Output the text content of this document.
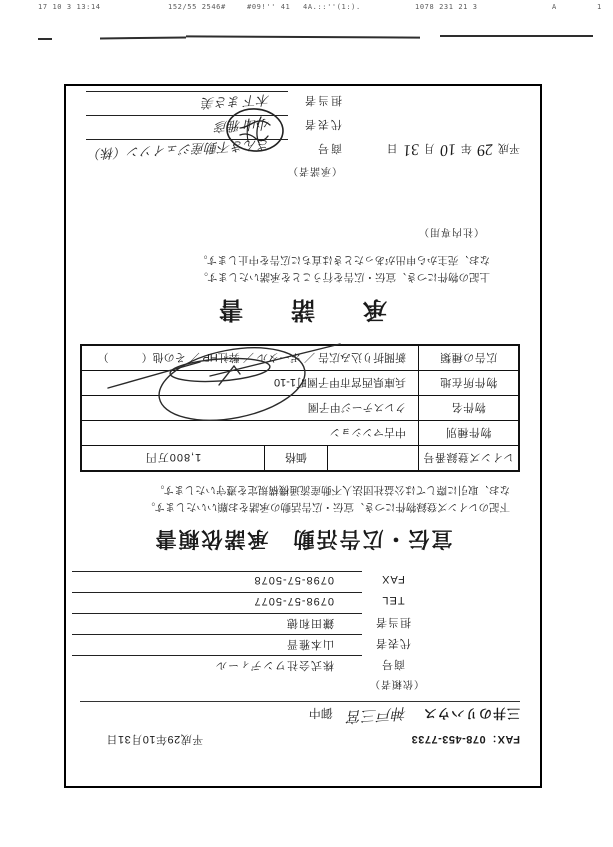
17 10 3 13:14	152/55 2546#	#09!'' 41 4A.::''(1:).	1078 231 21 3	A	1
FAX：078-453-7733
平成29年10月31日
三井のリハウス
神戸三宮
御中
（依頼者）
商号
株式会社ワンディール
代表者
山本雅晋
担当者
鎌田和徳
TEL
0798-57-5077
FAX
0798-57-5078
宣伝・広告活動　承諾依頼書

下記のレインズ登録物件につき、宣伝・広告活動の承諾をお願いいたします。

なお、取引に際しては公益社団法人不動産流通機構規定を遵守いたします。

レインズ登録番号		価格	1,800万円
物件種別	中古マンション		
物件名	クレステージ甲子園		
物件所在地	兵庫県西宮市甲子園町1-10		
広告の種類	新聞折り込み広告 ／ ポータル ／ 弊社HP ／ その他（　　　）		
承　諾　書

上記の物件につき、宣伝・広告を行うことを承諾いたします。

なお、売主から申出があったときは直ちに広告を中止します。

（社内専用）
平成 29 年 10 月 31 日
（承諾者）
商号
さんき不動産ジェイソン（株）
代表者
小山 雅彦
担当者
木下 まさ美
